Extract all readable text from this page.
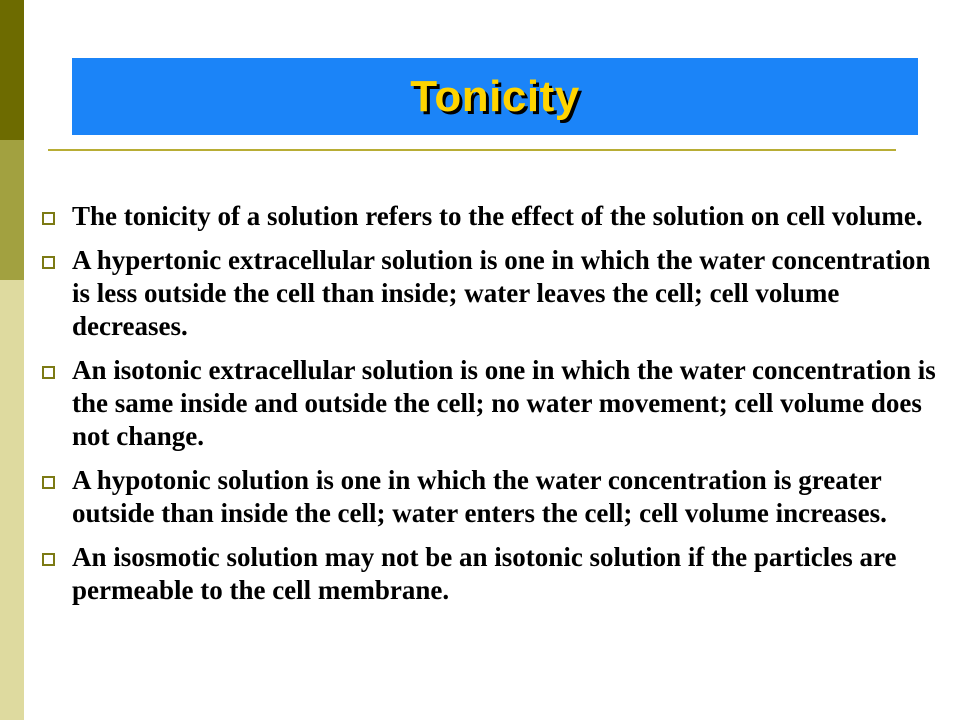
Tonicity
The tonicity of a solution refers to the effect of the solution on cell volume.
A hypertonic extracellular solution is one in which the water concentration is less outside the cell than inside; water leaves the cell; cell volume decreases.
An isotonic extracellular solution is one in which the water concentration is the same inside and outside the cell; no water movement; cell volume does not change.
A hypotonic solution is one in which the water concentration is greater outside than inside the cell; water enters the cell; cell volume increases.
An isosmotic solution may not be an isotonic solution if the particles are permeable to the cell membrane.
